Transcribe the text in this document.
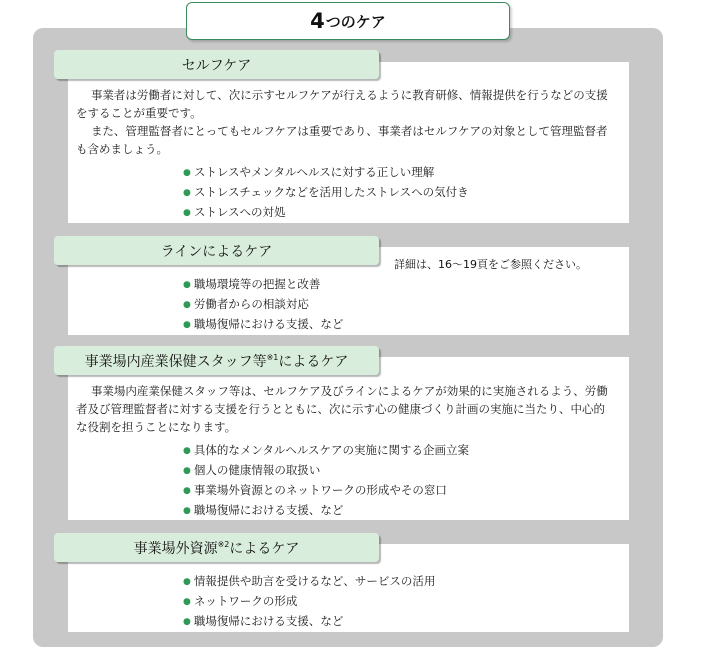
4 つのケア
セルフケア

事業者は労働者に対して、次に示すセルフケアが行えるように教育研修、情報提供を行うなどの支援をすることが重要です。

また、管理監督者にとってもセルフケアは重要であり、事業者はセルフケアの対象として管理監督者も含めましょう。

● ストレスやメンタルヘルスに対する正しい理解
● ストレスチェックなどを活用したストレスへの気付き
● ストレスへの対処
ラインによるケア
詳細は、16～19頁をご参照ください。
● 職場環境等の把握と改善
● 労働者からの相談対応
● 職場復帰における支援、など
事業場内産業保健スタッフ等$^{※1}$ によるケア

事業場内産業保健スタッフ等は、セルフケア及びラインによるケアが効果的に実施されるよう、労働者及び管理監督者に対する支援を行うとともに、次に示す心の健康づくり計画の実施に当たり、中心的な役割を担うことになります。

● 具体的なメンタルヘルスケアの実施に関する企画立案
● 個人の健康情報の取扱い
● 事業場外資源とのネットワークの形成やその窓口
● 職場復帰における支援、など
事業場外資源$^{※2}$ によるケア
● 情報提供や助言を受けるなど、サービスの活用
● ネットワークの形成
● 職場復帰における支援、など
